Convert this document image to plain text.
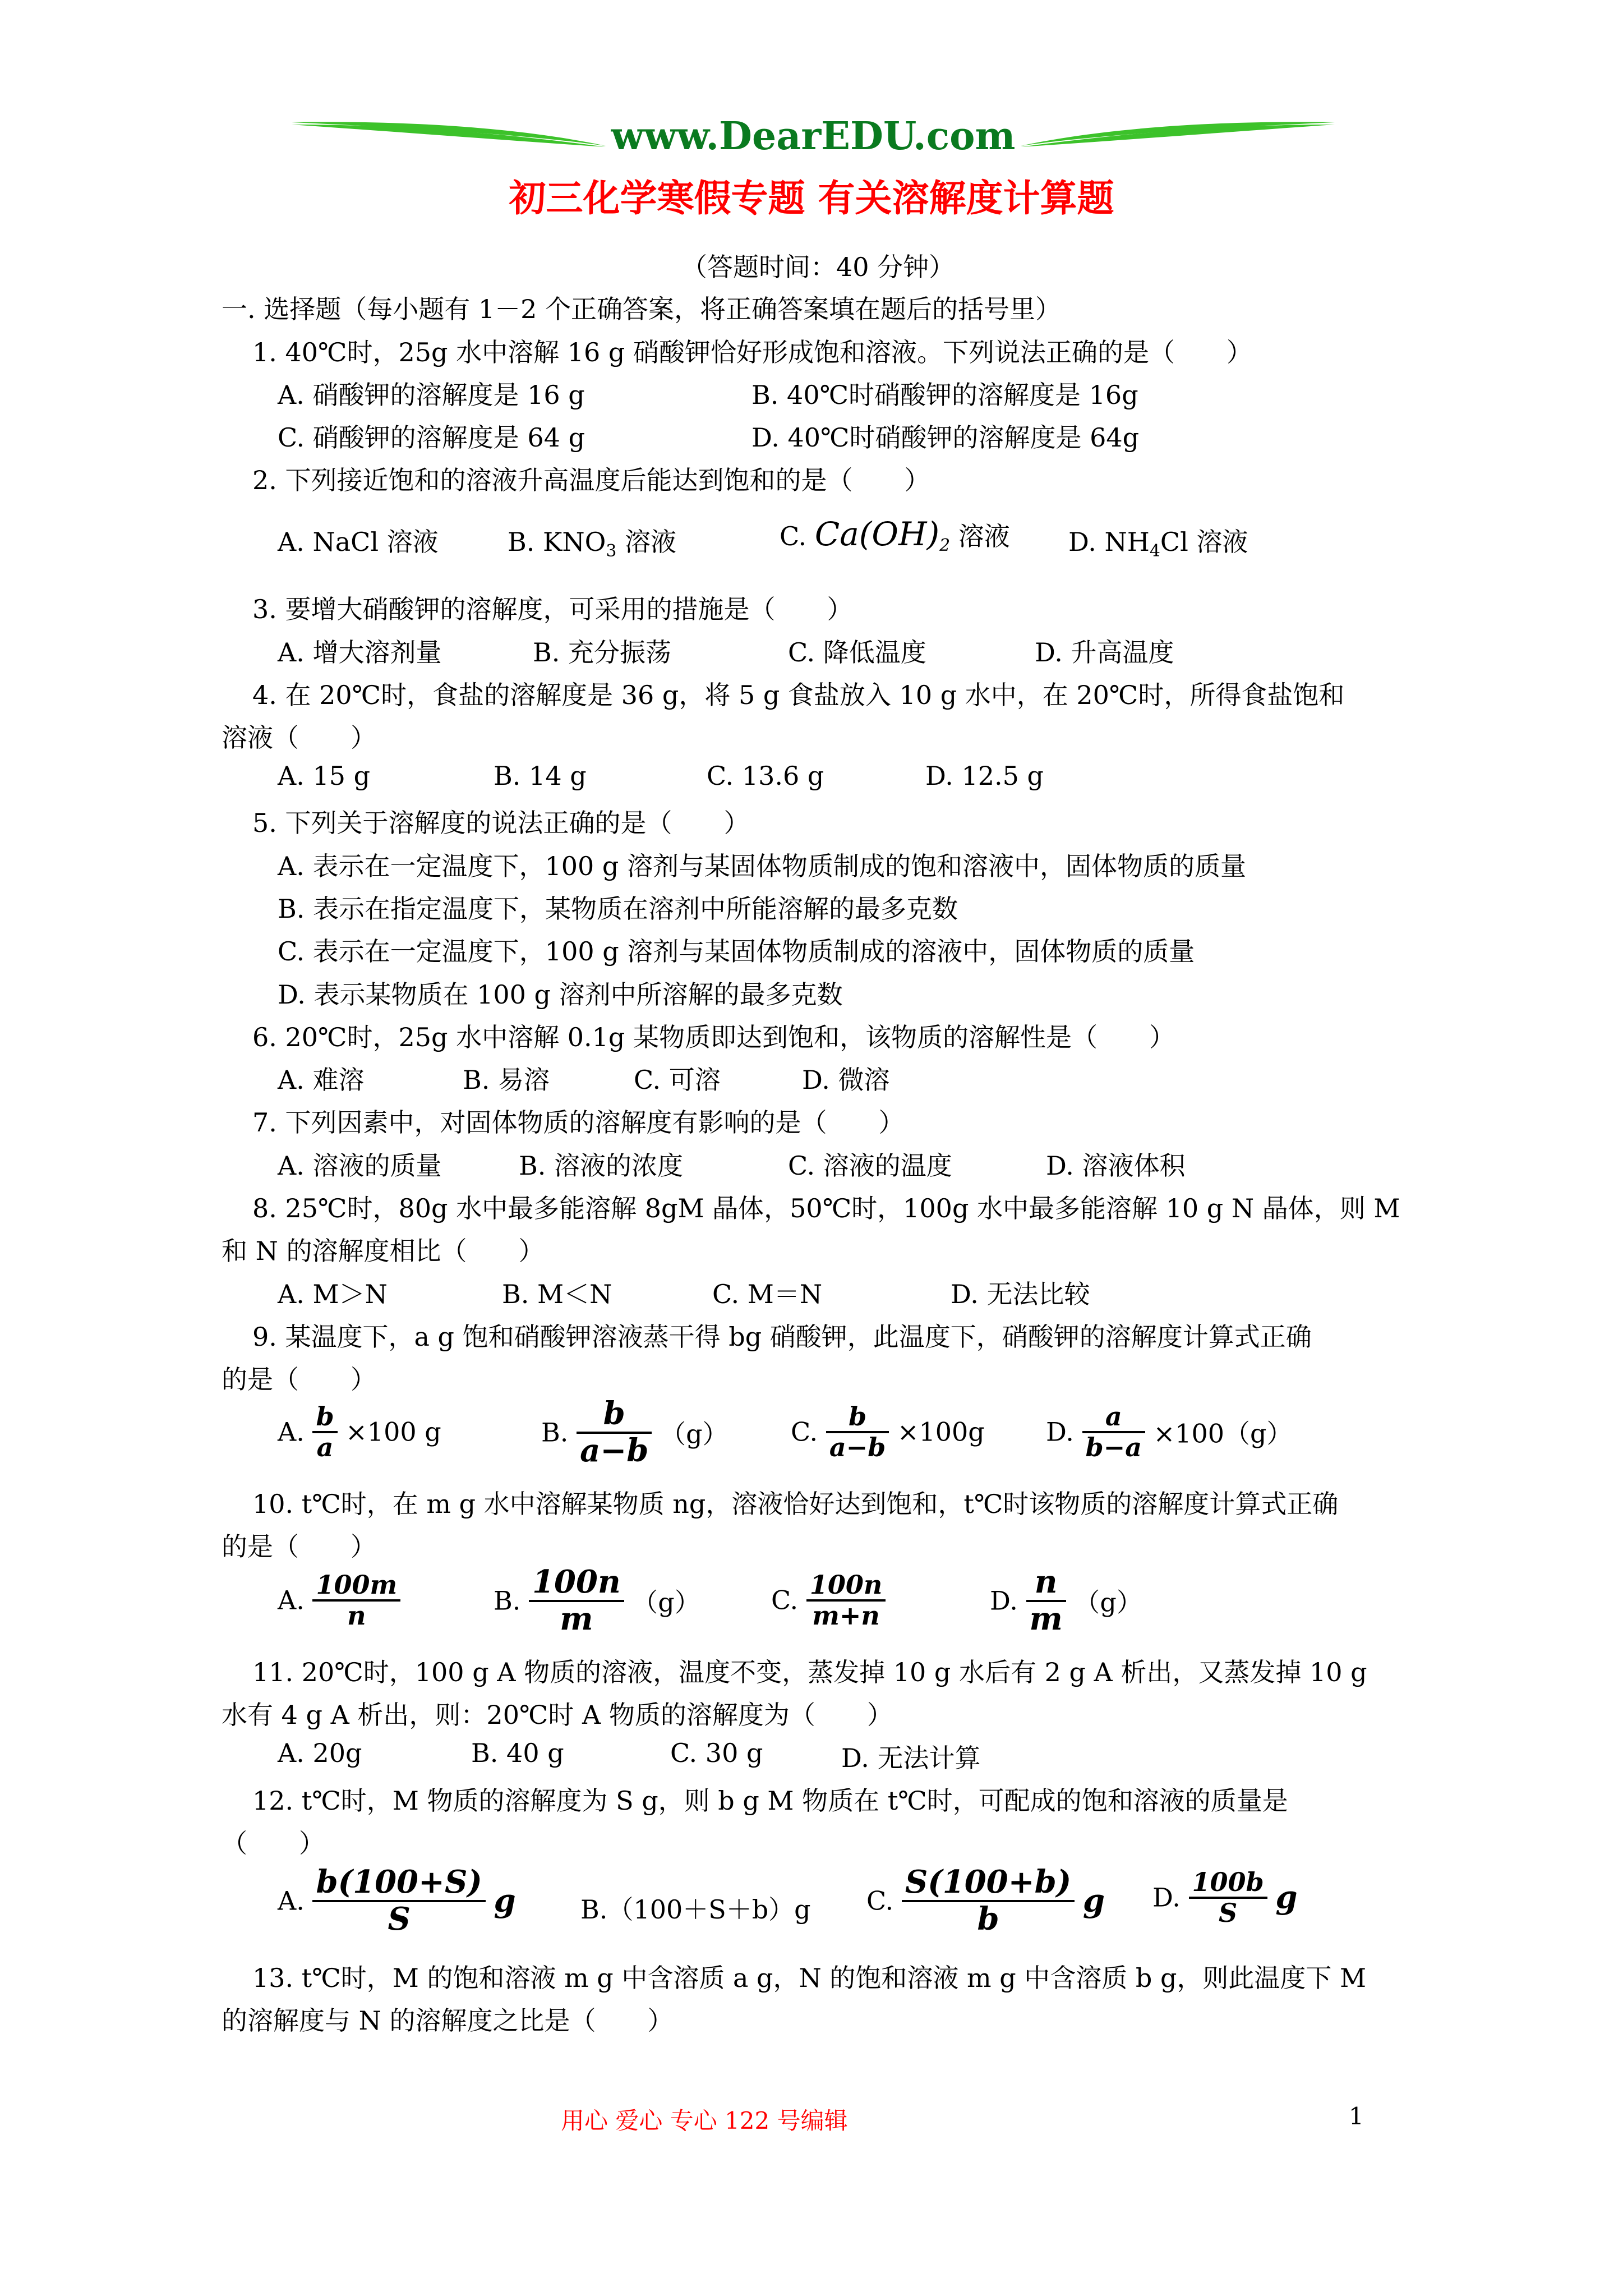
www.DearEDU.com
初三化学寒假专题 有关溶解度计算题
（答题时间：40 分钟）
一. 选择题（每小题有 1－2 个正确答案，将正确答案填在题后的括号里）
1. 40℃时，25g 水中溶解 16 g 硝酸钾恰好形成饱和溶液。下列说法正确的是（　　）
A. 硝酸钾的溶解度是 16 g	B. 40℃时硝酸钾的溶解度是 16g
C. 硝酸钾的溶解度是 64 g	D. 40℃时硝酸钾的溶解度是 64g
2. 下列接近饱和的溶液升高温度后能达到饱和的是（　　）
A. NaCl 溶液	B. $KNO_3$ 溶液	C. $Ca(OH)_2$ 溶液 D. $NH_4Cl$ 溶液
3. 要增大硝酸钾的溶解度，可采用的措施是（　　）
A. 增大溶剂量	B. 充分振荡	C. 降低温度	D. 升高温度
4. 在 20℃时，食盐的溶解度是 36 g，将 5 g 食盐放入 10 g 水中，在 20℃时，所得食盐饱和
溶液（　　）
A. 15 g	B. 14 g	C. 13.6 g	D. 12.5 g
5. 下列关于溶解度的说法正确的是（　　）
A. 表示在一定温度下，100 g 溶剂与某固体物质制成的饱和溶液中，固体物质的质量
B. 表示在指定温度下，某物质在溶剂中所能溶解的最多克数
C. 表示在一定温度下，100 g 溶剂与某固体物质制成的溶液中，固体物质的质量
D. 表示某物质在 100 g 溶剂中所溶解的最多克数
6. 20℃时，25g 水中溶解 0.1g 某物质即达到饱和，该物质的溶解性是（　　）
A. 难溶	B. 易溶	C. 可溶	D. 微溶
7. 下列因素中，对固体物质的溶解度有影响的是（　　）
A. 溶液的质量	B. 溶液的浓度	C. 溶液的温度	D. 溶液体积
8. 25℃时，80g 水中最多能溶解 8gM 晶体，50℃时，100g 水中最多能溶解 10 g N 晶体，则 M
和 N 的溶解度相比（　　）
A. M＞N	B. M＜N	C. M＝N	D. 无法比较
9. 某温度下，a g 饱和硝酸钾溶液蒸干得 bg 硝酸钾，此温度下，硝酸钾的溶解度计算式正确
的是（　　）
A. $\frac{b}{a} \times 100$ g	B. $\frac{b}{a-b} (g)$ C. $\frac{b}{a-b} \times 100g$ D. $\frac{a}{b-a} \times 100(g)$
10. t℃时，在 m g 水中溶解某物质 ng，溶液恰好达到饱和，t℃时该物质的溶解度计算式正确
的是（　　）
A. $\frac{100m}{n}$	B. $\frac{100n}{m} (g)$	C. $\frac{100n}{m+n}$	D. $\frac{n}{m} (g)$
11. 20℃时，100 g A 物质的溶液，温度不变，蒸发掉 10 g 水后有 2 g A 析出，又蒸发掉 10 g
水有 4 g A 析出，则：20℃时 A 物质的溶解度为（　　）
A. 20g	B. 40 g	C. 30 g	D. 无法计算
12. t℃时，M 物质的溶解度为 S g，则 b g M 物质在 t℃时，可配成的饱和溶液的质量是
（　　）
A. $\frac{b(100+S)}{S}$ g	B.（100＋S＋b）g C. $\frac{S(100+b)}{b}$ g D. $\frac{100b}{S}$ g
13. t℃时，M 的饱和溶液 m g 中含溶质 a g，N 的饱和溶液 m g 中含溶质 b g，则此温度下 M
的溶解度与 N 的溶解度之比是（　　）
用心 爱心 专心 122 号编辑	1
